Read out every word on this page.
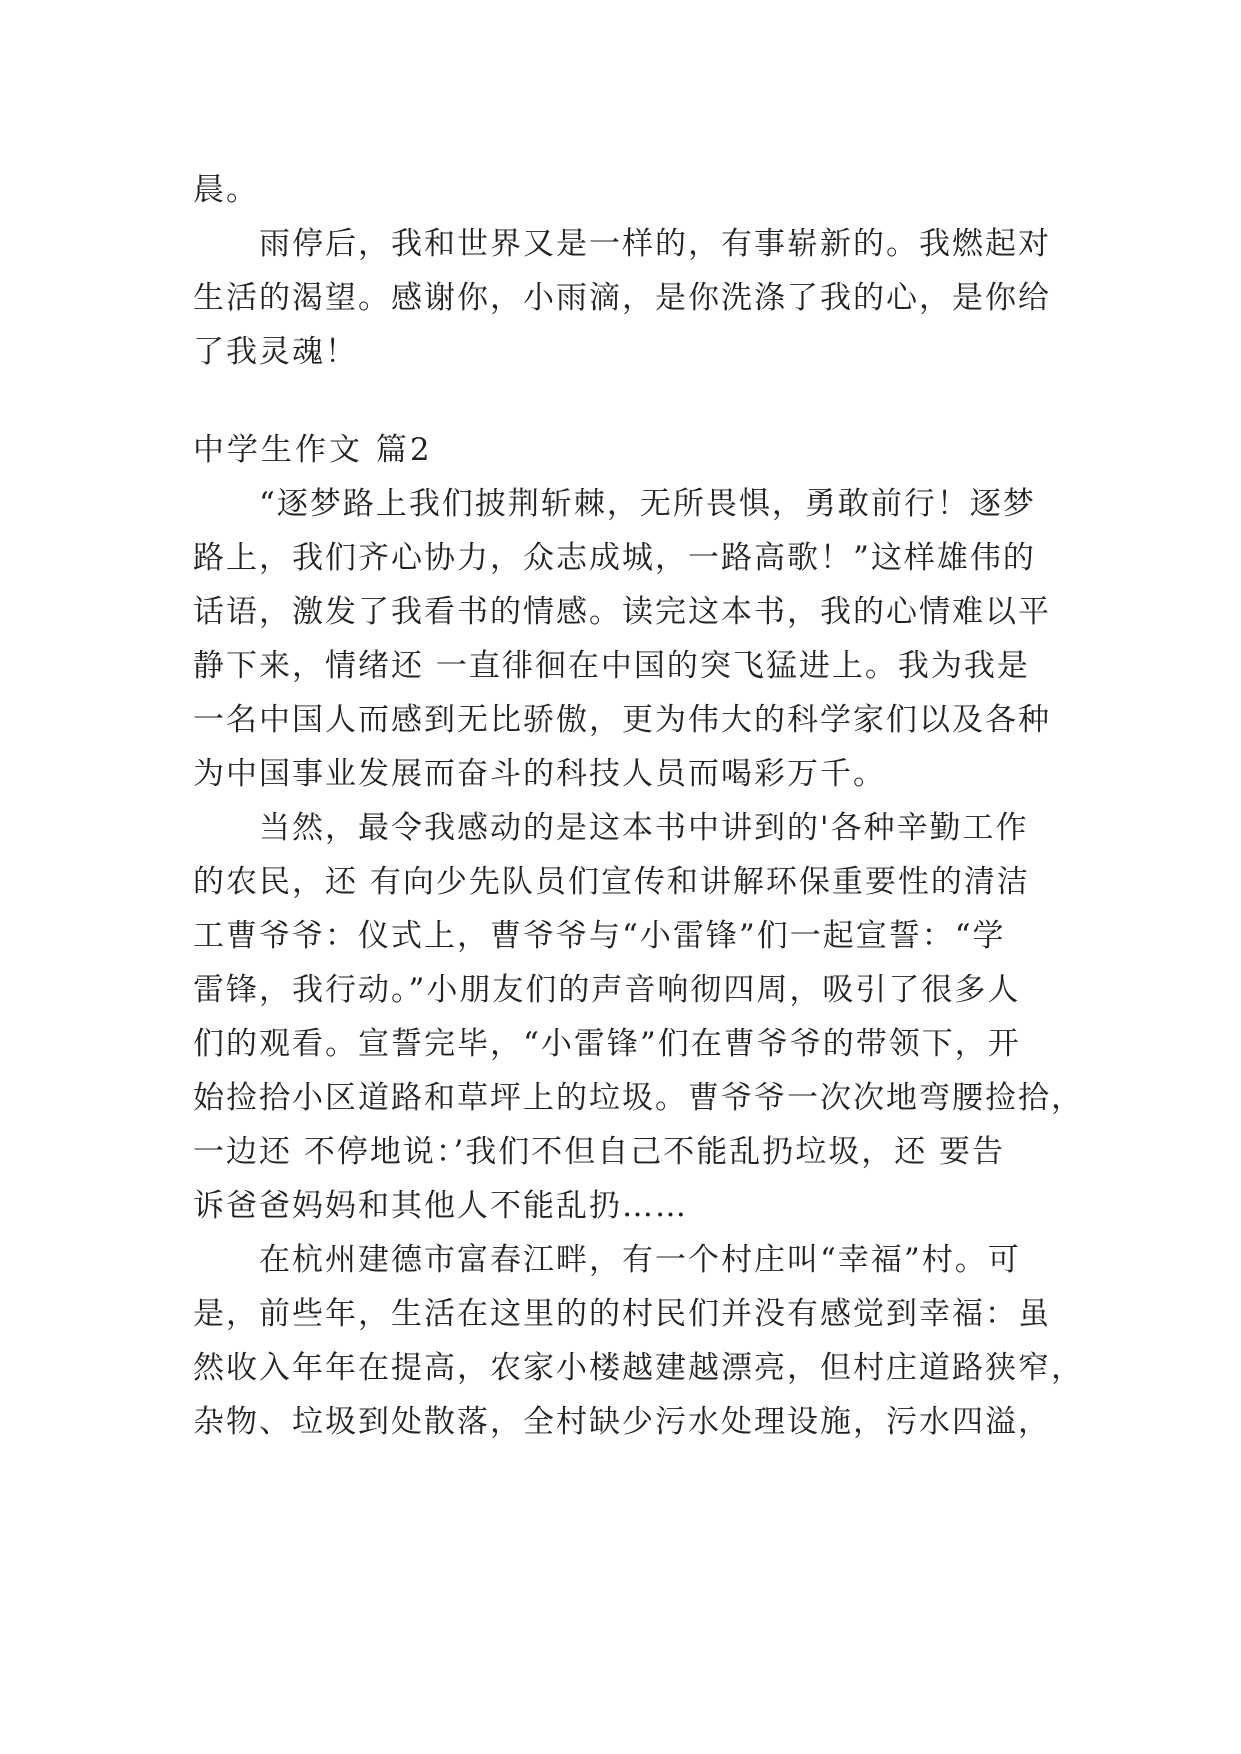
晨。
　　雨停后，我和世界又是一样的，有事崭新的。我燃起对
生活的渴望。感谢你，小雨滴，是你洗涤了我的心，是你给
了我灵魂！
中学生作文 篇2
　　“逐梦路上我们披荆斩棘，无所畏惧，勇敢前行！逐梦
路上，我们齐心协力，众志成城，一路高歌！”这样雄伟的
话语，激发了我看书的情感。读完这本书，我的心情难以平
静下来，情绪还 一直徘徊在中国的突飞猛进上。我为我是
一名中国人而感到无比骄傲，更为伟大的科学家们以及各种
为中国事业发展而奋斗的科技人员而喝彩万千。
　　当然，最令我感动的是这本书中讲到的'各种辛勤工作
的农民，还 有向少先队员们宣传和讲解环保重要性的清洁
工曹爷爷：仪式上，曹爷爷与“小雷锋”们一起宣誓：“学
雷锋，我行动。”小朋友们的声音响彻四周，吸引了很多人
们的观看。宣誓完毕，“小雷锋”们在曹爷爷的带领下，开
始捡拾小区道路和草坪上的垃圾。曹爷爷一次次地弯腰捡拾，
一边还 不停地说：’我们不但自己不能乱扔垃圾，还 要告
诉爸爸妈妈和其他人不能乱扔……
　　在杭州建德市富春江畔，有一个村庄叫“幸福”村。可
是，前些年，生活在这里的的村民们并没有感觉到幸福：虽
然收入年年在提高，农家小楼越建越漂亮，但村庄道路狭窄，
杂物、垃圾到处散落，全村缺少污水处理设施，污水四溢，
